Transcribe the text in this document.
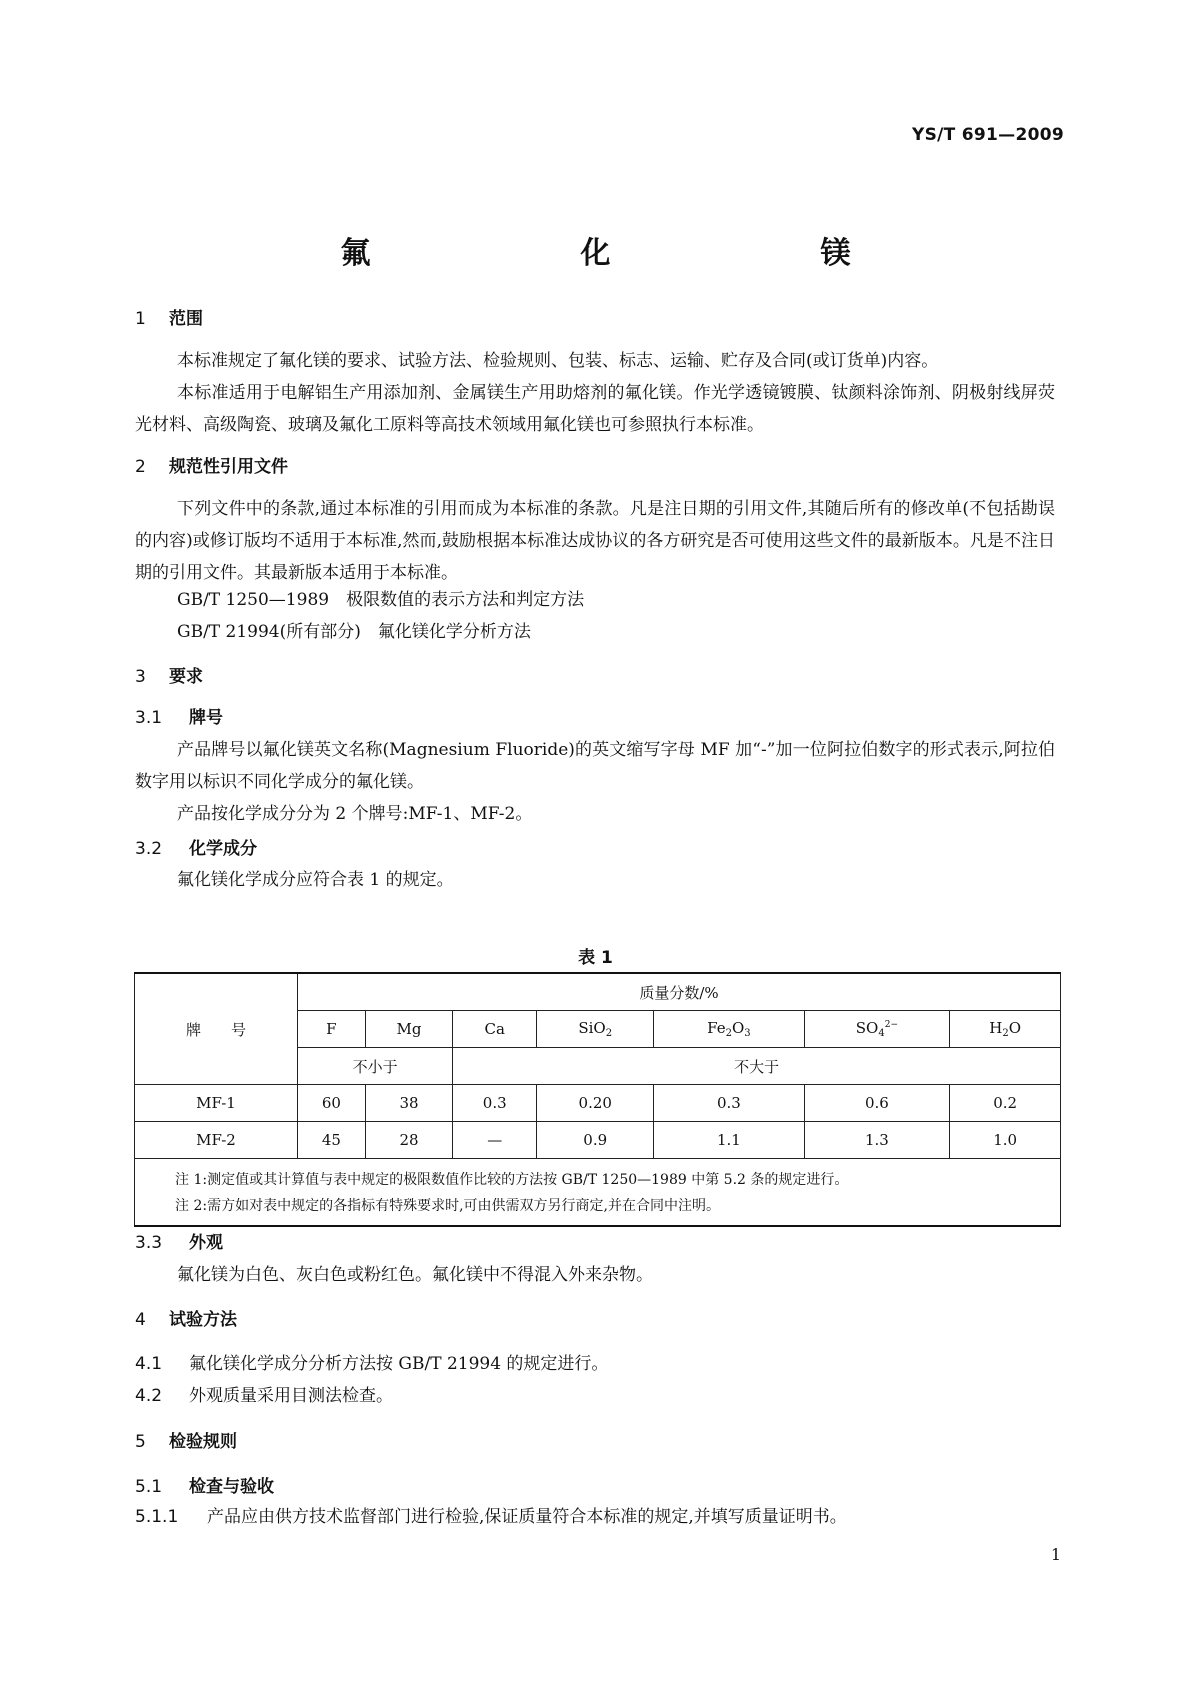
YS/T 691—2009
氟　　化　　镁
1 范围
本标准规定了氟化镁的要求、试验方法、检验规则、包装、标志、运输、贮存及合同(或订货单)内容。
本标准适用于电解铝生产用添加剂、金属镁生产用助熔剂的氟化镁。作光学透镜镀膜、钛颜料涂饰剂、阴极射线屏荧光材料、高级陶瓷、玻璃及氟化工原料等高技术领域用氟化镁也可参照执行本标准。
2 规范性引用文件
下列文件中的条款,通过本标准的引用而成为本标准的条款。凡是注日期的引用文件,其随后所有的修改单(不包括勘误的内容)或修订版均不适用于本标准,然而,鼓励根据本标准达成协议的各方研究是否可使用这些文件的最新版本。凡是不注日期的引用文件。其最新版本适用于本标准。
GB/T 1250—1989　极限数值的表示方法和判定方法
GB/T 21994(所有部分)　氟化镁化学分析方法
3 要求
3.1 牌号
产品牌号以氟化镁英文名称(Magnesium Fluoride)的英文缩写字母 MF 加“-”加一位阿拉伯数字的形式表示,阿拉伯数字用以标识不同化学成分的氟化镁。
产品按化学成分分为 2 个牌号:MF-1、MF-2。
3.2 化学成分
氟化镁化学成分应符合表 1 的规定。
表 1
牌　　号	质量分数/%						
	F	Mg	Ca	SiO$_2$	$Fe_2O_3$	$SO_4^{2-}$	$H_2O$
	不小于		不大于				
MF-1	60	38	0.3	0.20	0.3	0.6	0.2
MF-2	45	28	—	0.9	1.1	1.3	1.0

注 1:测定值或其计算值与表中规定的极限数值作比较的方法按 GB/T 1250—1989 中第 5.2 条的规定进行。
注 2:需方如对表中规定的各指标有特殊要求时,可由供需双方另行商定,并在合同中注明。							
3.3 外观
氟化镁为白色、灰白色或粉红色。氟化镁中不得混入外来杂物。
4 试验方法
4.1 氟化镁化学成分分析方法按 GB/T 21994 的规定进行。
4.2 外观质量采用目测法检查。
5 检验规则
5.1 检查与验收
5.1.1 产品应由供方技术监督部门进行检验,保证质量符合本标准的规定,并填写质量证明书。
1
